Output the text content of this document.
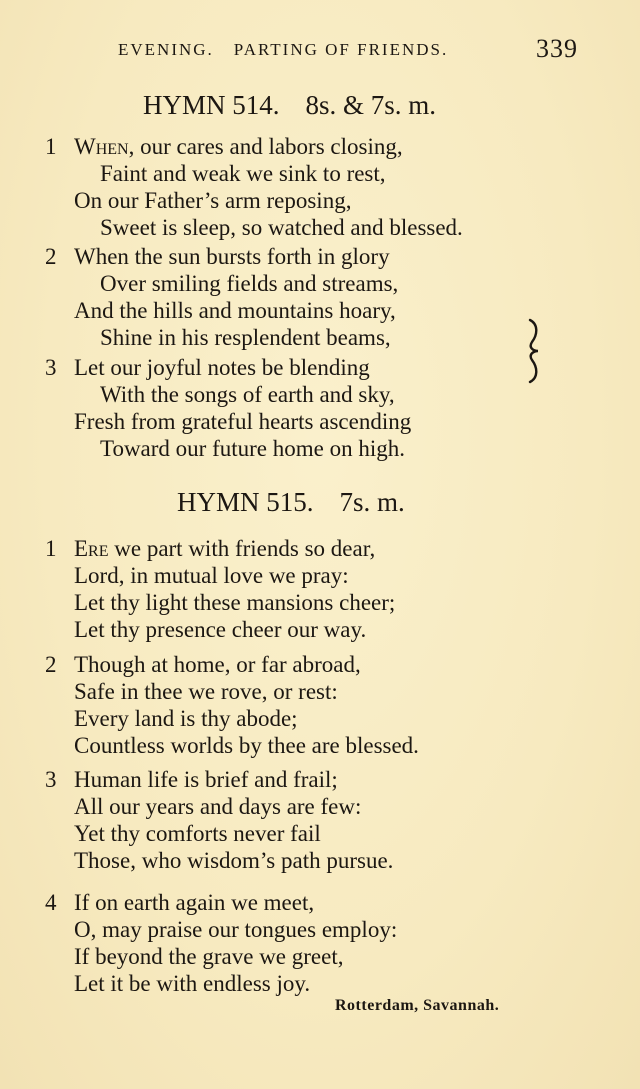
EVENING. PARTING OF FRIENDS.	339
HYMN 514. 8s. & 7s. m.
1 When, our cares and labors closing,
Faint and weak we sink to rest,
On our Father’s arm reposing,
Sweet is sleep, so watched and blessed.
2 When the sun bursts forth in glory
Over smiling fields and streams,
And the hills and mountains hoary,
Shine in his resplendent beams,
3 Let our joyful notes be blending
With the songs of earth and sky,
Fresh from grateful hearts ascending
Toward our future home on high.
HYMN 515. 7s. m.
1 Ere we part with friends so dear,
Lord, in mutual love we pray:
Let thy light these mansions cheer;
Let thy presence cheer our way.
2 Though at home, or far abroad,
Safe in thee we rove, or rest:
Every land is thy abode;
Countless worlds by thee are blessed.
3 Human life is brief and frail;
All our years and days are few:
Yet thy comforts never fail
Those, who wisdom’s path pursue.
4 If on earth again we meet,
O, may praise our tongues employ:
If beyond the grave we greet,
Let it be with endless joy.
Rotterdam, Savannah.
